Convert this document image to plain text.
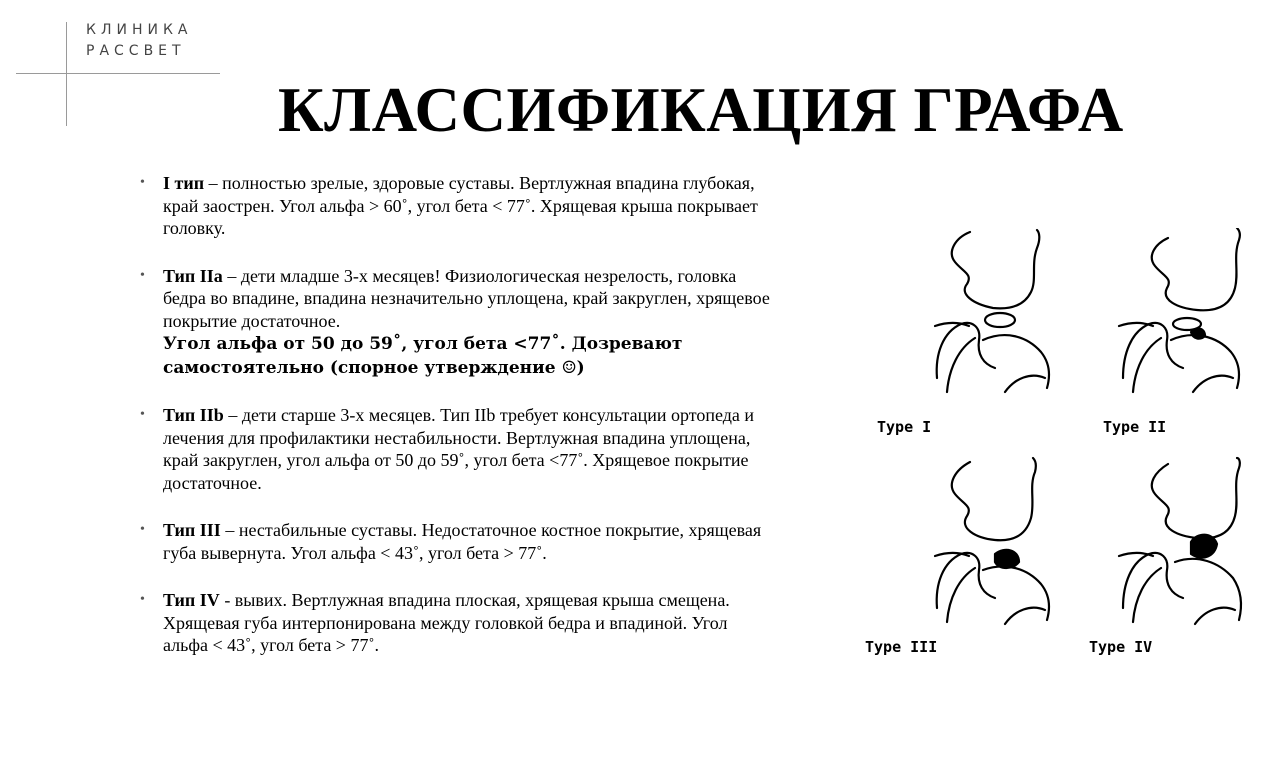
КЛИНИКА
РАССВЕТ
КЛАССИФИКАЦИЯ ГРАФА
• I тип – полностью зрелые, здоровые суставы. Вертлужная впадина глубокая, край заострен. Угол альфа > 60˚, угол бета < 77˚. Хрящевая крыша покрывает головку.
• Тип IIa – дети младше 3-х месяцев! Физиологическая незрелость, головка бедра во впадине, впадина незначительно уплощена, край закруглен, хрящевое покрытие достаточное.
Угол альфа от 50 до 59˚, угол бета <77˚. Дозревают самостоятельно (спорное утверждение ☺)
• Тип IIb – дети старше 3-х месяцев. Тип IIb требует консультации ортопеда и лечения для профилактики нестабильности. Вертлужная впадина уплощена, край закруглен, угол альфа от 50 до 59˚, угол бета <77˚. Хрящевое покрытие достаточное.
• Тип III – нестабильные суставы. Недостаточное костное покрытие, хрящевая губа вывернута. Угол альфа < 43˚, угол бета > 77˚.
• Тип IV - вывих. Вертлужная впадина плоская, хрящевая крыша смещена. Хрящевая губа интерпонирована между головкой бедра и впадиной. Угол альфа < 43˚, угол бета > 77˚.
Type I	Type II
Type III	Type IV
